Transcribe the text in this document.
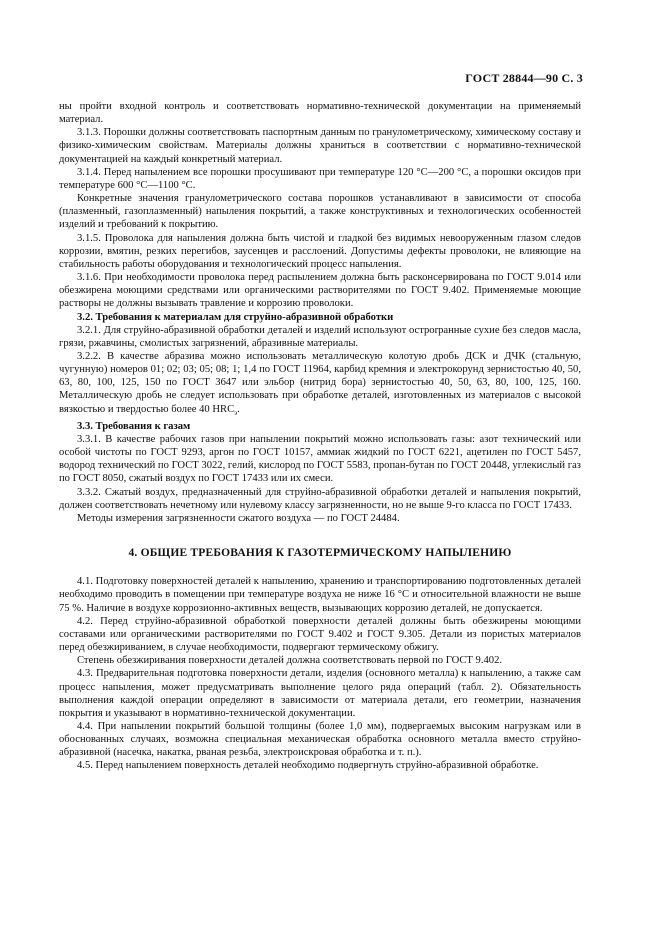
ГОСТ 28844—90 С. 3

ны пройти входной контроль и соответствовать нормативно-технической документации на применяемый материал.

3.1.3. Порошки должны соответствовать паспортным данным по гранулометрическому, химическому составу и физико-химическим свойствам. Материалы должны храниться в соответствии с нормативно-технической документацией на каждый конкретный материал.

3.1.4. Перед напылением все порошки просушивают при температуре 120 °С—200 °С, а порошки оксидов при температуре 600 °С—1100 °С.

Конкретные значения гранулометрического состава порошков устанавливают в зависимости от способа (плазменный, газоплазменный) напыления покрытий, а также конструктивных и технологических особенностей изделий и требований к покрытию.

3.1.5. Проволока для напыления должна быть чистой и гладкой без видимых невооруженным глазом следов коррозии, вмятин, резких перегибов, заусенцев и расслоений. Допустимы дефекты проволоки, не влияющие на стабильность работы оборудования и технологический процесс напыления.

3.1.6. При необходимости проволока перед распылением должна быть расконсервирована по ГОСТ 9.014 или обезжирена моющими средствами или органическими растворителями по ГОСТ 9.402. Применяемые моющие растворы не должны вызывать травление и коррозию проволоки.

3.2. Требования к материалам для струйно-абразивной обработки

3.2.1. Для струйно-абразивной обработки деталей и изделий используют остроrранные сухие без следов масла, грязи, ржавчины, смолистых загрязнений, абразивные материалы.

3.2.2. В качестве абразива можно использовать металлическую колотую дробь ДСК и ДЧК (стальную, чугунную) номеров 01; 02; 03; 05; 08; 1; 1,4 по ГОСТ 11964, карбид кремния и электрокорунд зернистостью 40, 50, 63, 80, 100, 125, 150 по ГОСТ 3647 или эльбор (нитрид бора) зернистостью 40, 50, 63, 80, 100, 125, 160. Металлическую дробь не следует использовать при обработке деталей, изготовленных из материалов с высокой вязкостью и твердостью более 40 $HRC_э$.

3.3. Требования к газам

3.3.1. В качестве рабочих газов при напылении покрытий можно использовать газы: азот технический или особой чистоты по ГОСТ 9293, аргон по ГОСТ 10157, аммиак жидкий по ГОСТ 6221, ацетилен по ГОСТ 5457, водород технический по ГОСТ 3022, гелий, кислород по ГОСТ 5583, пропан-бутан по ГОСТ 20448, углекислый газ по ГОСТ 8050, сжатый воздух по ГОСТ 17433 или их смеси.

3.3.2. Сжатый воздух, предназначенный для струйно-абразивной обработки деталей и напыления покрытий, должен соответствовать нечетному или нулевому классу загрязненности, но не выше 9-го класса по ГОСТ 17433.

Методы измерения загрязненности сжатого воздуха — по ГОСТ 24484.

4. ОБЩИЕ ТРЕБОВАНИЯ К ГАЗОТЕРМИЧЕСКОМУ НАПЫЛЕНИЮ

4.1. Подготовку поверхностей деталей к напылению, хранению и транспортированию подготовленных деталей необходимо проводить в помещении при температуре воздуха не ниже 16 °С и относительной влажности не выше 75 %. Наличие в воздухе коррозионно-активных веществ, вызывающих коррозию деталей, не допускается.

4.2. Перед струйно-абразивной обработкой поверхности деталей должны быть обезжирены моющими составами или органическими растворителями по ГОСТ 9.402 и ГОСТ 9.305. Детали из пористых материалов перед обезжириванием, в случае необходимости, подвергают термическому обжигу.

Степень обезжиривания поверхности деталей должна соответствовать первой по ГОСТ 9.402.

4.3. Предварительная подготовка поверхности детали, изделия (основного металла) к напылению, а также сам процесс напыления, может предусматривать выполнение целого ряда операций (табл. 2). Обязательность выполнения каждой операции определяют в зависимости от материала детали, его геометрии, назначения покрытия и указывают в нормативно-технической документации.

4.4. При напылении покрытий большой толщины (более 1,0 мм), подвергаемых высоким нагрузкам или в обоснованных случаях, возможна специальная механическая обработка основного металла вместо струйно-абразивной (насечка, накатка, рваная резьба, электроискровая обработка и т. п.).

4.5. Перед напылением поверхность деталей необходимо подвергнуть струйно-абразивной обработке.
